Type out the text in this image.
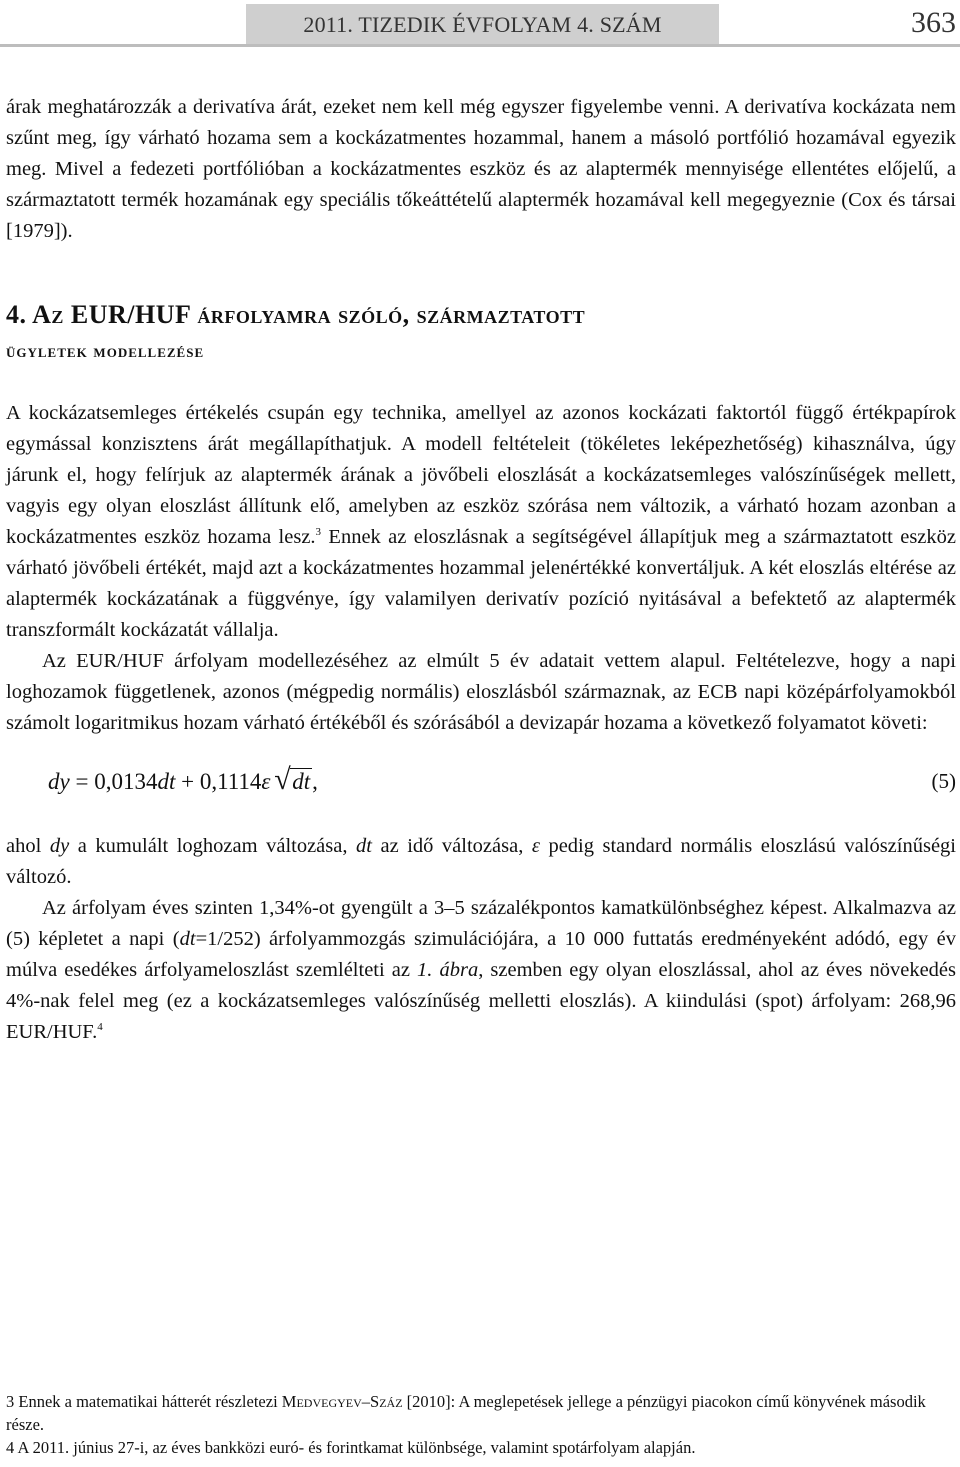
2011. TIZEDIK ÉVFOLYAM 4. SZÁM	363

árak meghatározzák a derivatíva árát, ezeket nem kell még egyszer figyelembe venni. A derivatíva kockázata nem szűnt meg, így várható hozama sem a kockázatmentes hozammal, hanem a másoló portfólió hozamával egyezik meg. Mivel a fedezeti portfólióban a kockázatmentes eszköz és az alaptermék mennyisége ellentétes előjelű, a származtatott termék hozamának egy speciális tőkeáttételű alaptermék hozamával kell megegyeznie (Cox és társai [1979]).

4. Az EUR/HUF árfolyamra szóló, származtatott
ügyletek modellezése

A kockázatsemleges értékelés csupán egy technika, amellyel az azonos kockázati faktortól függő értékpapírok egymással konzisztens árát megállapíthatjuk. A modell feltételeit (tökéletes leképezhetőség) kihasználva, úgy járunk el, hogy felírjuk az alaptermék árának a jövőbeli eloszlását a kockázatsemleges valószínűségek mellett, vagyis egy olyan eloszlást állítunk elő, amelyben az eszköz szórása nem változik, a várható hozam azonban a kockázatmentes eszköz hozama lesz.$^3$ Ennek az eloszlásnak a segítségével állapítjuk meg a származtatott eszköz várható jövőbeli értékét, majd azt a kockázatmentes hozammal jelenértékké konvertáljuk. A két eloszlás eltérése az alaptermék kockázatának a függvénye, így valamilyen derivatív pozíció nyitásával a befektető az alaptermék transzformált kockázatát vállalja.

Az EUR/HUF árfolyam modellezéséhez az elmúlt 5 év adatait vettem alapul. Feltételezve, hogy a napi loghozamok függetlenek, azonos (mégpedig normális) eloszlásból származnak, az ECB napi középárfolyamokból számolt logaritmikus hozam várható értékéből és szórásából a devizapár hozama a következő folyamatot követi:

dy = 0,0134dt + 0,1114ε √ dt,	(5)

ahol dy a kumulált loghozam változása, dt az idő változása, ε pedig standard normális eloszlású valószínűségi változó.

Az árfolyam éves szinten 1,34%-ot gyengült a 3–5 százalékpontos kamatkülönbséghez képest. Alkalmazva az (5) képletet a napi (dt=1/252) árfolyammozgás szimulációjára, a 10 000 futtatás eredményeként adódó, egy év múlva esedékes árfolyameloszlást szemlélteti az 1. ábra, szemben egy olyan eloszlással, ahol az éves növekedés 4%-nak felel meg (ez a kockázatsemleges valószínűség melletti eloszlás). A kiindulási (spot) árfolyam: 268,96 EUR/HUF.$^4$

3 Ennek a matematikai hátterét részletezi Medvegyev–Száz [2010]: A meglepetések jellege a pénzügyi piacokon című könyvének második része.

4 A 2011. június 27-i, az éves bankközi euró- és forintkamat különbsége, valamint spotárfolyam alapján.
